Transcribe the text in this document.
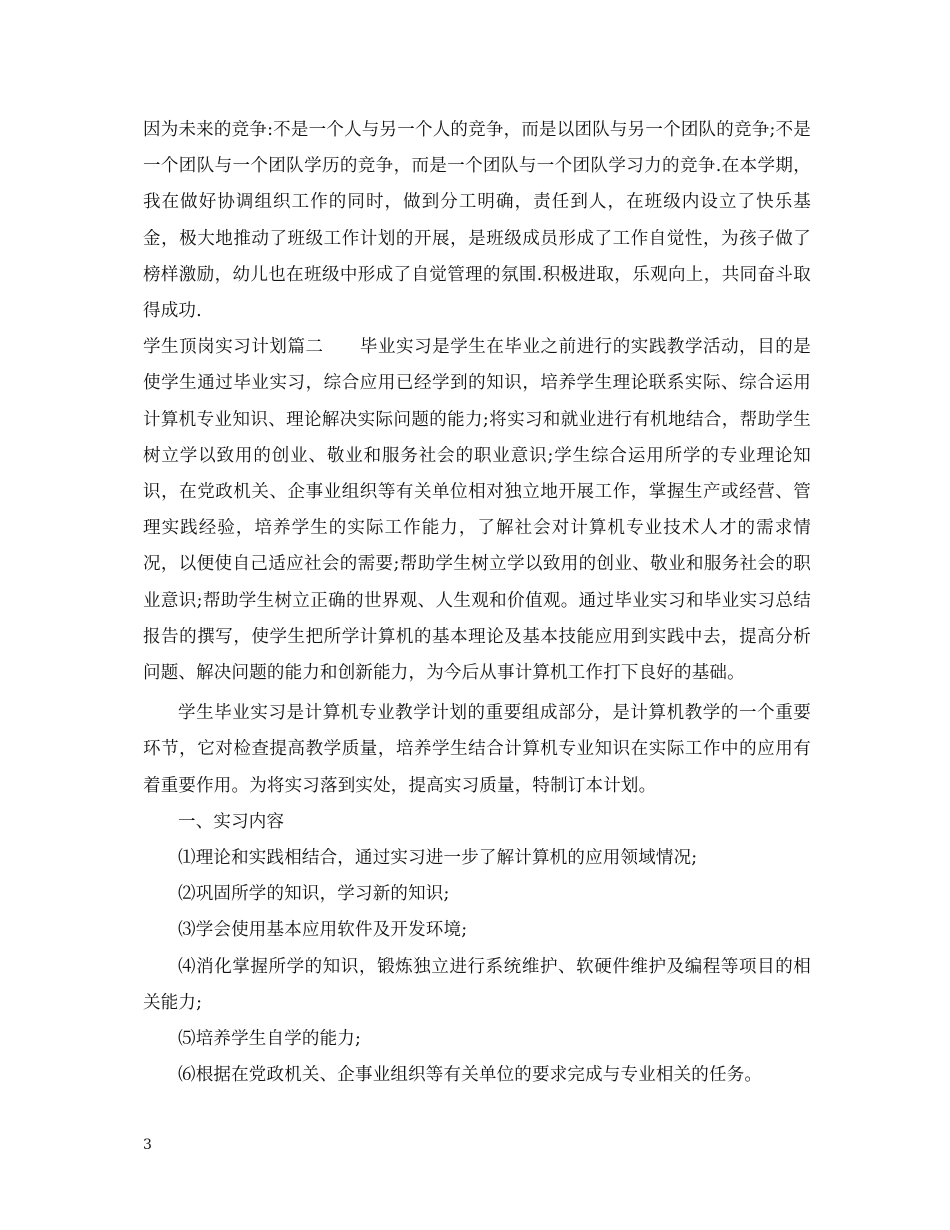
因为未来的竞争:不是一个人与另一个人的竞争，而是以团队与另一个团队的竞争;不是一个团队与一个团队学历的竞争，而是一个团队与一个团队学习力的竞争.在本学期，我在做好协调组织工作的同时，做到分工明确，责任到人，在班级内设立了快乐基金，极大地推动了班级工作计划的开展，是班级成员形成了工作自觉性，为孩子做了榜样激励，幼儿也在班级中形成了自觉管理的氛围.积极进取，乐观向上，共同奋斗取得成功.

学生顶岗实习计划篇二 毕业实习是学生在毕业之前进行的实践教学活动，目的是使学生通过毕业实习，综合应用已经学到的知识，培养学生理论联系实际、综合运用计算机专业知识、理论解决实际问题的能力;将实习和就业进行有机地结合，帮助学生树立学以致用的创业、敬业和服务社会的职业意识;学生综合运用所学的专业理论知识，在党政机关、企事业组织等有关单位相对独立地开展工作，掌握生产或经营、管理实践经验，培养学生的实际工作能力，了解社会对计算机专业技术人才的需求情况，以便使自己适应社会的需要;帮助学生树立学以致用的创业、敬业和服务社会的职业意识;帮助学生树立正确的世界观、人生观和价值观。通过毕业实习和毕业实习总结报告的撰写，使学生把所学计算机的基本理论及基本技能应用到实践中去，提高分析问题、解决问题的能力和创新能力，为今后从事计算机工作打下良好的基础。

学生毕业实习是计算机专业教学计划的重要组成部分，是计算机教学的一个重要环节，它对检查提高教学质量，培养学生结合计算机专业知识在实际工作中的应用有着重要作用。为将实习落到实处，提高实习质量，特制订本计划。

一、实习内容

⑴理论和实践相结合，通过实习进一步了解计算机的应用领域情况;

⑵巩固所学的知识，学习新的知识;

⑶学会使用基本应用软件及开发环境;

⑷消化掌握所学的知识，锻炼独立进行系统维护、软硬件维护及编程等项目的相关能力;

⑸培养学生自学的能力;

⑹根据在党政机关、企事业组织等有关单位的要求完成与专业相关的任务。

3
